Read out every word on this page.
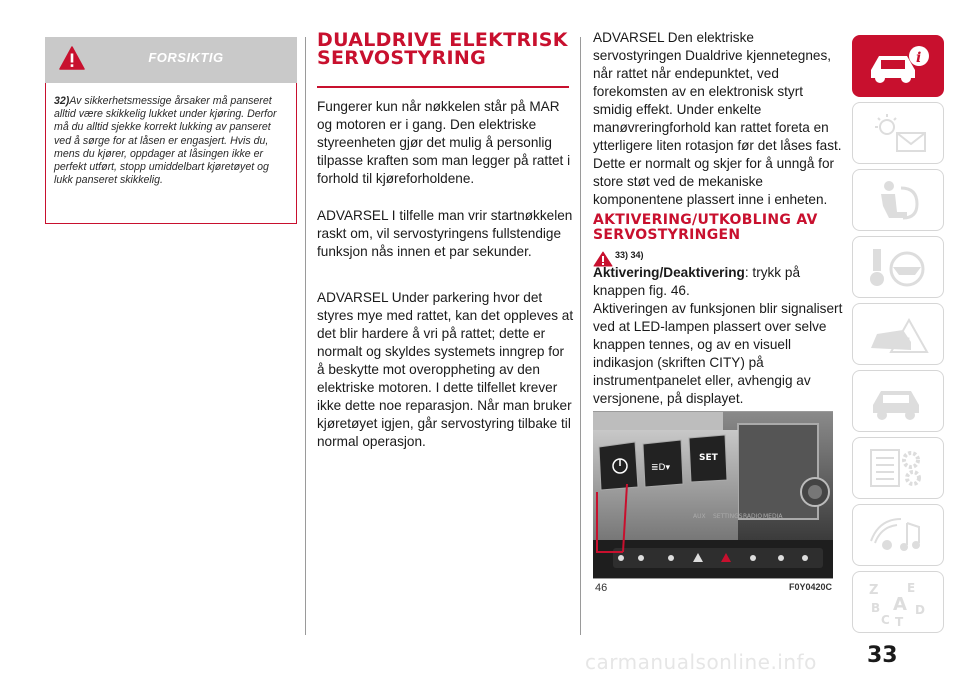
FORSIKTIG
32)Av sikkerhetsmessige årsaker må panseret alltid være skikkelig lukket under kjøring. Derfor må du alltid sjekke korrekt lukking av panseret ved å sørge for at låsen er engasjert. Hvis du, mens du kjører, oppdager at låsingen ikke er perfekt utført, stopp umiddelbart kjøretøyet og lukk panseret skikkelig.
DUALDRIVE ELEKTRISK SERVOSTYRING
Fungerer kun når nøkkelen står på MAR og motoren er i gang. Den elektriske styreenheten gjør det mulig å personlig tilpasse kraften som man legger på rattet i forhold til kjøreforholdene.
ADVARSEL I tilfelle man vrir startnøkkelen raskt om, vil servostyringens fullstendige funksjon nås innen et par sekunder.
ADVARSEL Under parkering hvor det styres mye med rattet, kan det oppleves at det blir hardere å vri på rattet; dette er normalt og skyldes systemets inngrep for å beskytte mot overoppheting av den elektriske motoren. I dette tilfellet krever ikke dette noe reparasjon. Når man bruker kjøretøyet igjen, går servostyring tilbake til normal operasjon.
ADVARSEL Den elektriske servostyringen Dualdrive kjennetegnes, når rattet når endepunktet, ved forekomsten av en elektronisk styrt smidig effekt. Under enkelte manøvreringforhold kan rattet foreta en ytterligere liten rotasjon før det låses fast. Dette er normalt og skjer for å unngå for store støt ved de mekaniske komponentene plassert inne i enheten.
AKTIVERING/UTKOBLING AV SERVOSTYRINGEN
$^{33) 34)}$
Aktivering/Deaktivering: trykk på knappen fig. 46.
Aktiveringen av funksjonen blir signalisert ved at LED-lampen plassert over selve knappen tennes, og av en visuell indikasjon (skriften CITY) på instrumentpanelet eller, avhengig av versjonene, på displayet.
≣D▾
SET
AUX SETTINGS RADIO MEDIA
46	F0Y0420C
i
!
Z E
B A D
C T
carmanualsonline.info 33
